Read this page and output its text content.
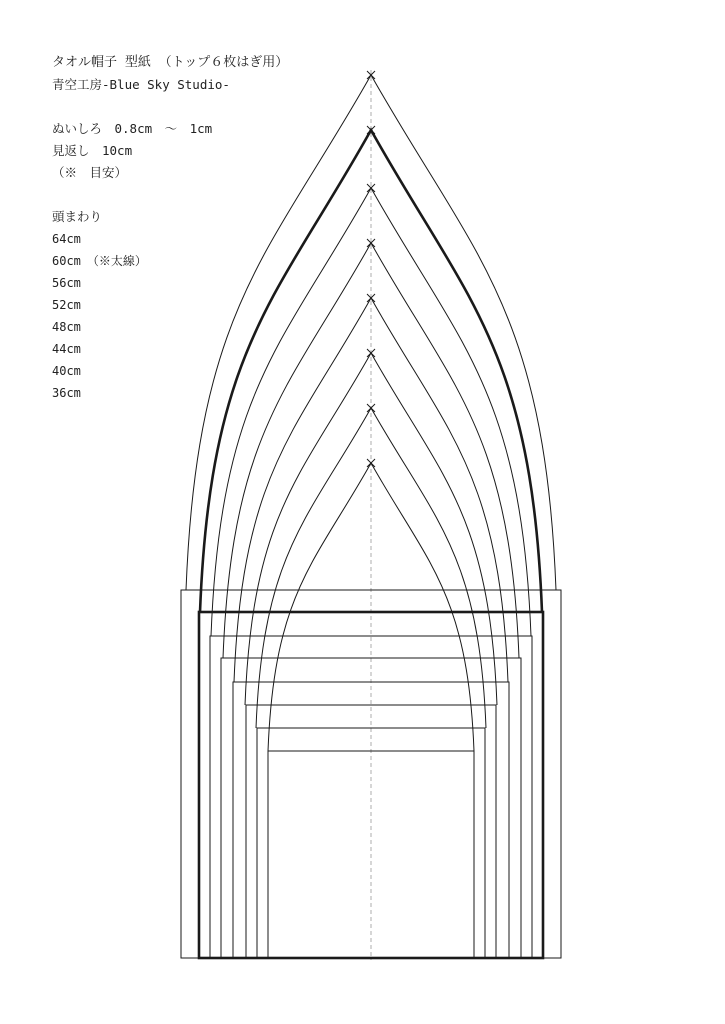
タオル帽子 型紙 （トップ６枚はぎ用）
青空工房-Blue Sky Studio-
ぬいしろ　0.8cm　〜　1cm
見返し　10cm
（※　目安）
頭まわり
64cm
60cm　（※太線）
56cm
52cm
48cm
44cm
40cm
36cm
